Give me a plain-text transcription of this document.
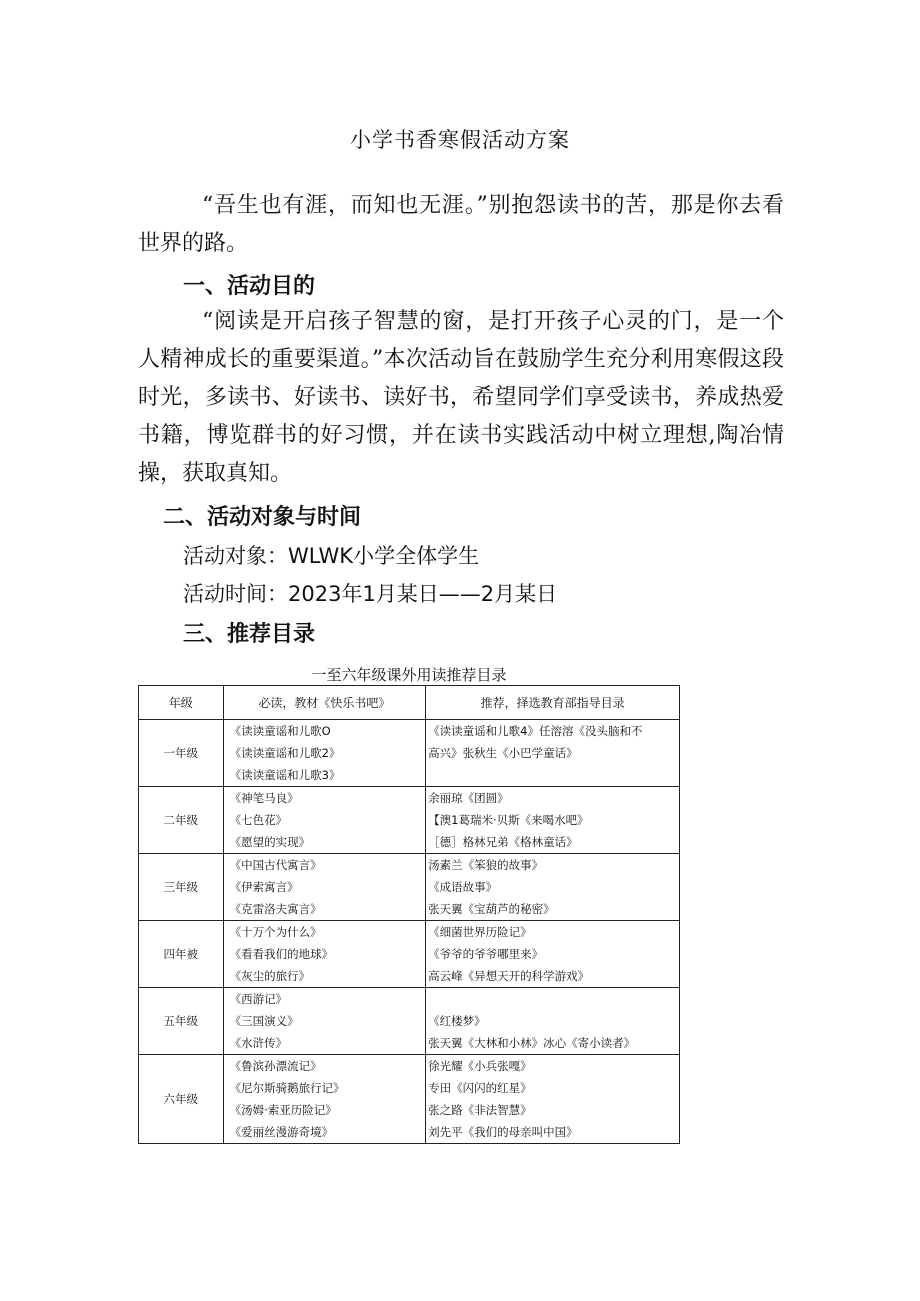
小学书香寒假活动方案

“吾生也有涯，而知也无涯。”别抱怨读书的苦，那是你去看世界的路。

一、活动目的

“阅读是开启孩子智慧的窗，是打开孩子心灵的门，是一个人精神成长的重要渠道。”本次活动旨在鼓励学生充分利用寒假这段时光，多读书、好读书、读好书，希望同学们享受读书，养成热爱书籍，博览群书的好习惯，并在读书实践活动中树立理想,陶冶情操，获取真知。

二、活动对象与时间

活动对象：WLWK小学全体学生

活动时间：2023年1月某日——2月某日

三、推荐目录
一至六年级课外用读推荐目录
年级	必读，教材《快乐书吧》	推荐，择选教育部指导目录
一年级	《读读童谣和儿歌O
《读读童谣和儿歌2》
《读读童谣和儿歌3》	《读读童谣和儿歌4》任溶溶《没头脑和不
高兴》张秋生《小巴学童话》

二年级	《神笔马良》
《七色花》
《愿望的实现》	余丽琼《团圆》
【澳1葛瑞米·贝斯《来喝水吧》
［德］格林兄弟《格林童话》

三年级	《中国古代寓言》
《伊索寓言》
《克雷洛夫寓言》	汤素兰《笨狼的故事》
《成语故事》
张天翼《宝葫芦的秘密》

四年被	《十万个为什么》
《看看我们的地球》
《灰尘的旅行》	《细菌世界历险记》
《爷爷的爷爷哪里来》
高云峰《异想天开的科学游戏》

五年级	《西游记》
《三国演义》
《水浒传》	《红楼梦》
张天翼《大林和小林》冰心《寄小读者》

六年级	《鲁滨孙漂流记》
《尼尔斯骑鹅旅行记》
《汤姆·索亚历险记》
《爱丽丝漫游奇境》	徐光耀《小兵张嘎》
专田《闪闪的红星》
张之路《非法智慧》
刘先平《我们的母亲叫中国》
